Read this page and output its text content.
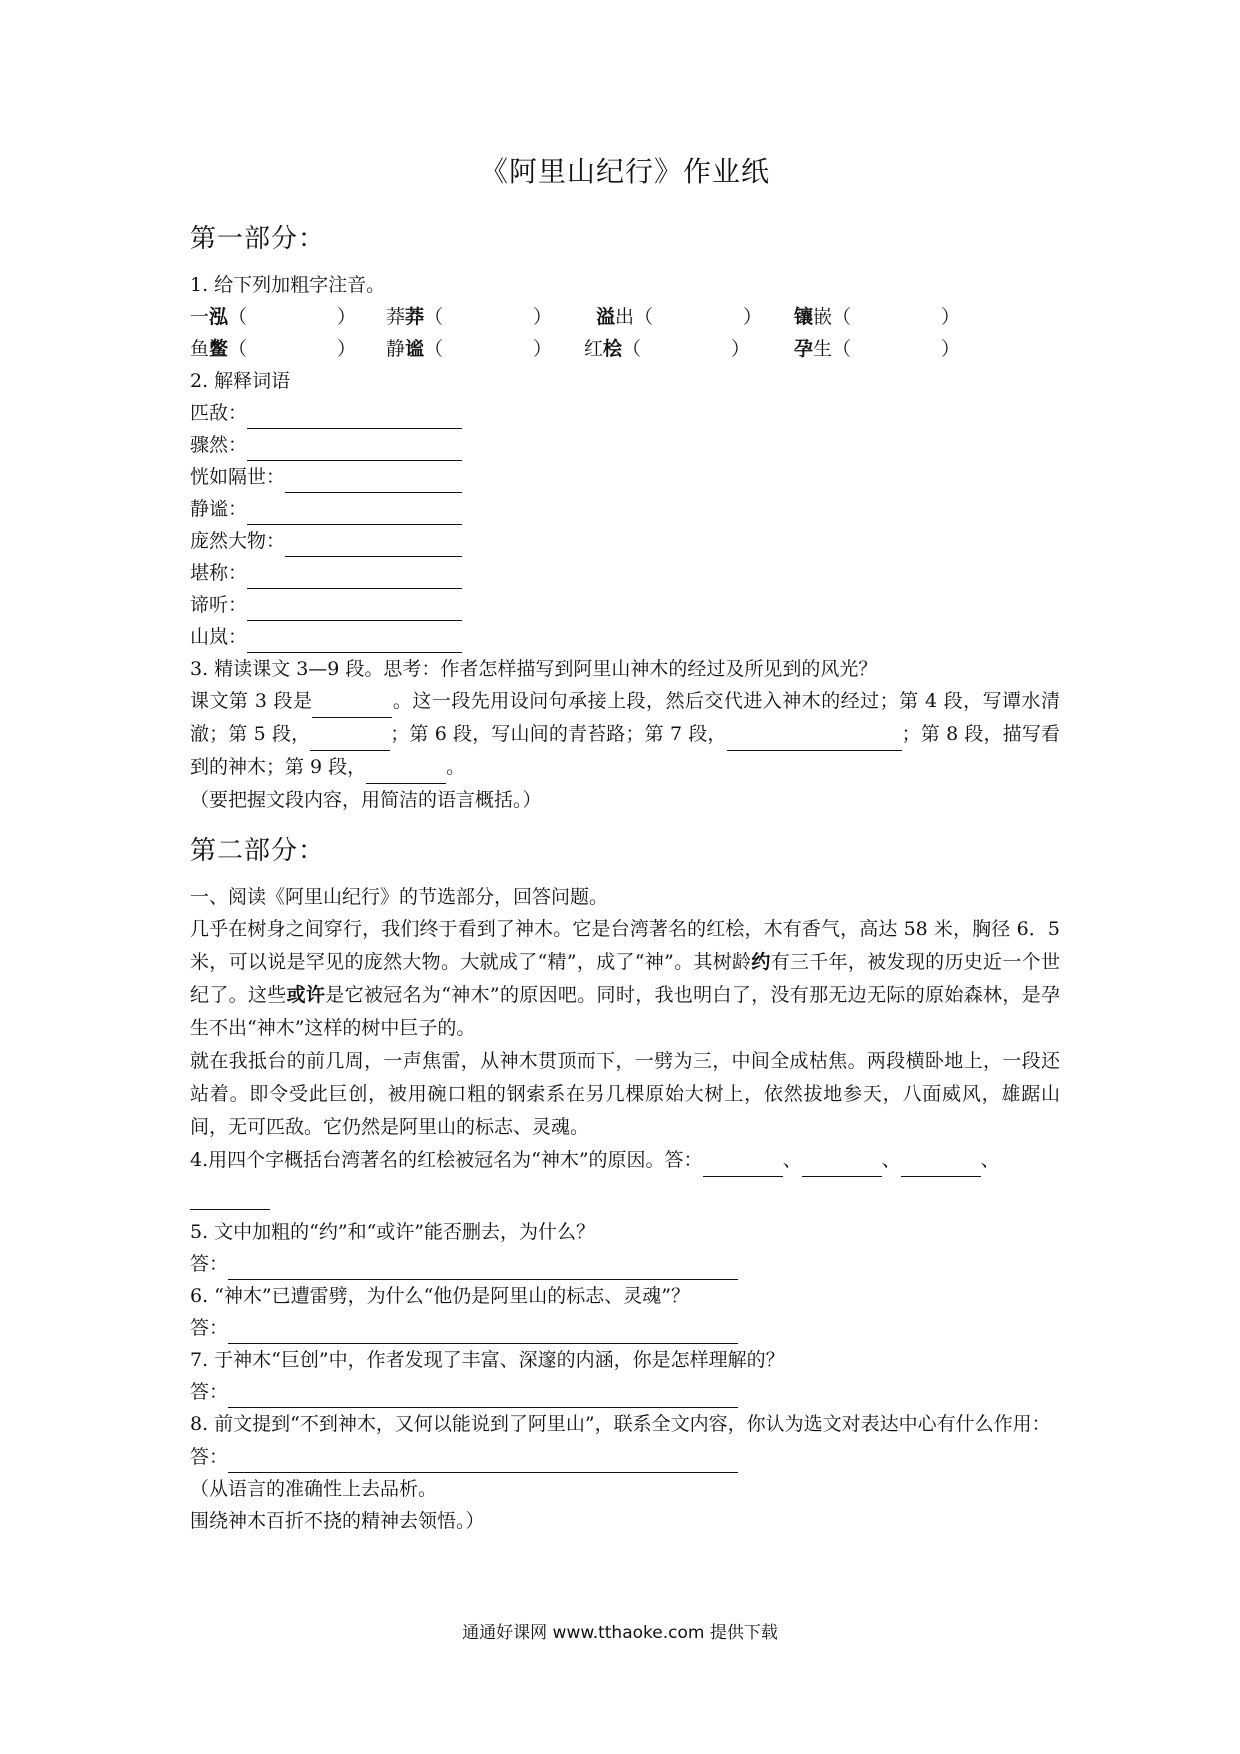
《阿里山纪行》作业纸
第一部分：
1. 给下列加粗字注音。
一泓（	）	莽莽（	）	溢出（	）	镶嵌（	）
鱼鳖（	）	静谧（	）	红桧（	）	孕生（	）
2. 解释词语
匹敌：
骤然：
恍如隔世：
静谧：
庞然大物：
堪称：
谛听：
山岚：
3. 精读课文 3—9 段。思考：作者怎样描写到阿里山神木的经过及所见到的风光？
课文第 3 段是	。这一段先用设问句承接上段，然后交代进入神木的经过；第 4 段，写谭水清澈；第 5 段，	；第 6 段，写山间的青苔路；第 7 段，	；第 8 段，描写看到的神木；第 9 段，	。
（要把握文段内容，用简洁的语言概括。）
第二部分：
一、阅读《阿里山纪行》的节选部分，回答问题。
几乎在树身之间穿行，我们终于看到了神木。它是台湾著名的红桧，木有香气，高达 58 米，胸径 6．5 米，可以说是罕见的庞然大物。大就成了“精”，成了“神”。其树龄约有三千年，被发现的历史近一个世纪了。这些或许是它被冠名为“神木”的原因吧。同时，我也明白了，没有那无边无际的原始森林，是孕生不出“神木”这样的树中巨子的。
就在我抵台的前几周，一声焦雷，从神木贯顶而下，一劈为三，中间全成枯焦。两段横卧地上，一段还站着。即令受此巨创，被用碗口粗的钢索系在另几棵原始大树上，依然拔地参天，八面威风，雄踞山间，无可匹敌。它仍然是阿里山的标志、灵魂。
4.用四个字概括台湾著名的红桧被冠名为“神木”的原因。答：	、	、	、

5. 文中加粗的“约”和“或许”能否删去，为什么？
答：
6. “神木”已遭雷劈，为什么“他仍是阿里山的标志、灵魂”？
答：
7. 于神木“巨创”中，作者发现了丰富、深邃的内涵，你是怎样理解的？
答：
8. 前文提到“不到神木，又何以能说到了阿里山”，联系全文内容，你认为选文对表达中心有什么作用：
答：
（从语言的准确性上去品析。
围绕神木百折不挠的精神去领悟。）
通通好课网 www.tthaoke.com 提供下载
